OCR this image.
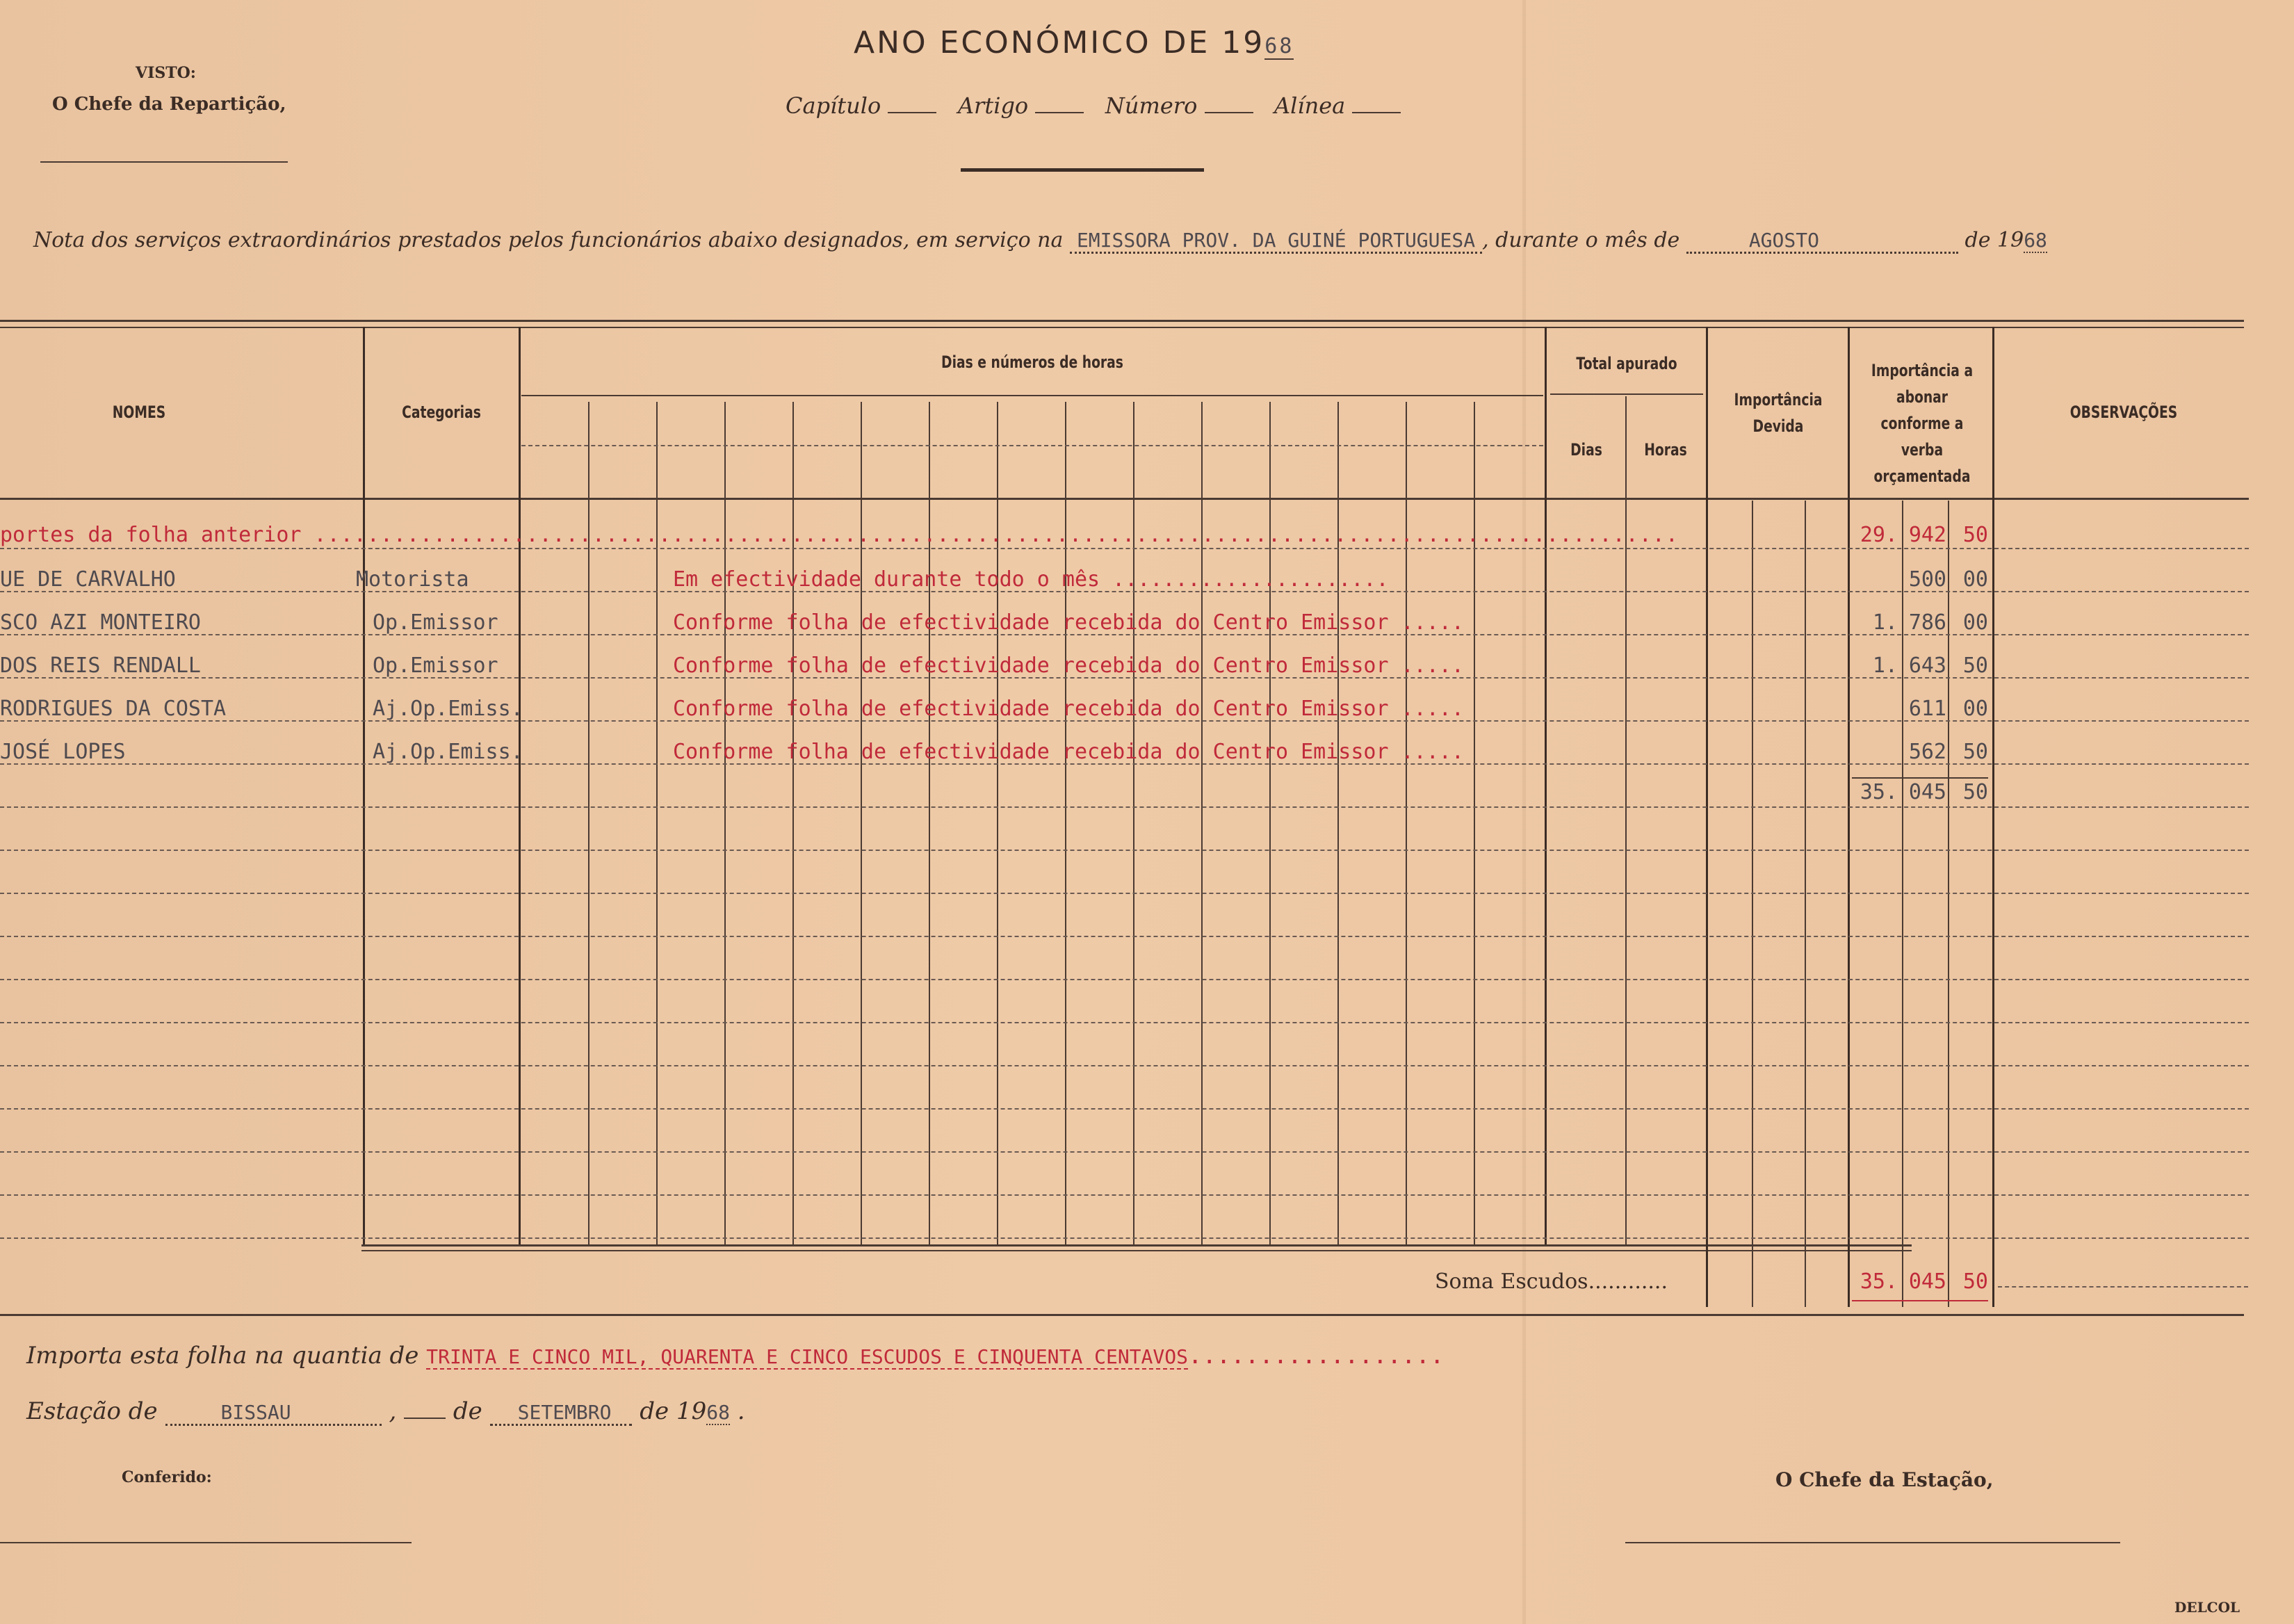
VISTO:
O Chefe da Repartição,
ANO ECONÓMICO DE 1968
Capítulo	Artigo	Número	Alínea
Nota dos serviços extraordinários prestados pelos funcionários abaixo designados, em serviço na EMISSORA PROV. DA GUINÉ PORTUGUESA , durante o mês de	AGOSTO	de 1968
NOMES	Categorias
Dias e números de horas	Total apurado
Dias	Horas
Importância Devida
Importância a abonar conforme a verba orçamentada
OBSERVAÇÕES
portes da folha anterior .......................................................................................................	29. 942 50
UE DE CARVALHO	Motorista	Em efectividade durante todo o mês ......................	500 00
SCO AZI MONTEIRO	Op.Emissor	Conforme folha de efectividade recebida do Centro Emissor .....	1. 786 00
DOS REIS RENDALL	Op.Emissor	Conforme folha de efectividade recebida do Centro Emissor .....	1. 643 50
RODRIGUES DA COSTA	Aj.Op.Emiss.	Conforme folha de efectividade recebida do Centro Emissor .....	611 00
JOSÉ LOPES	Aj.Op.Emiss.	Conforme folha de efectividade recebida do Centro Emissor .....	562 50
35. 045 50
Soma Escudos............	35. 045 50
Importa esta folha na quantia de TRINTA E CINCO MIL, QUARENTA E CINCO ESCUDOS E CINQUENTA CENTAVOS..................
Estação de	BISSAU	,  de SETEMBRO de 1968 .
Conferido:	O Chefe da Estação,
DELCOL
